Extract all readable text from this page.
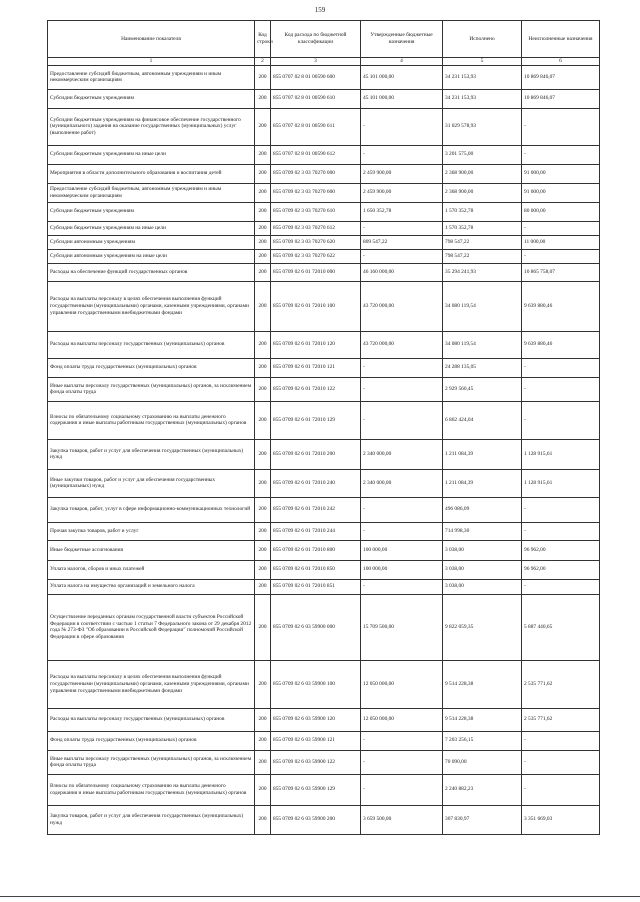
159
Наименование показателя	Код строки	Код расхода по бюджетной классификации	Утвержденные бюджетные назначения	Исполнено	Неисполненные назначения
1	2	3	4	5	6
Предоставление субсидий бюджетным, автономным учреждениям и иным некоммерческим организациям	200	855 0707 02 8 01 00590 600	45 101 000,00	34 231 153,93	10 869 846,07
Субсидии бюджетным учреждениям	200	855 0707 02 8 01 00590 610	45 101 000,00	34 231 153,93	10 869 846,07
Субсидии бюджетным учреждениям на финансовое обеспечение государственного (муниципального) задания на оказание государственных (муниципальных) услуг (выполнение работ)	200	855 0707 02 8 01 00590 611	-	31 029 578,93	-
Субсидии бюджетным учреждениям на иные цели	200	855 0707 02 8 01 00590 612	-	3 201 575,00	-
Мероприятия в области дополнительного образования и воспитания детей	200	855 0709 02 3 03 70270 000	2 459 900,00	2 368 900,00	91 000,00
Предоставление субсидий бюджетным, автономным учреждениям и иным некоммерческим организациям	200	855 0709 02 3 03 70270 600	2 459 900,00	2 368 900,00	91 000,00
Субсидии бюджетным учреждениям	200	855 0709 02 3 03 70270 610	1 650 352,78	1 570 352,78	80 000,00
Субсидии бюджетным учреждениям на иные цели	200	855 0709 02 3 03 70270 612	-	1 570 352,78	-
Субсидии автономным учреждениям	200	855 0709 02 3 03 70270 620	809 547,22	798 547,22	11 000,00
Субсидии автономным учреждениям на иные цели	200	855 0709 02 3 03 70270 622	-	798 547,22	-
Расходы на обеспечение функций государственных органов	200	855 0709 02 6 01 72010 000	46 160 000,00	35 294 241,93	10 865 758,07
Расходы на выплаты персоналу в целях обеспечения выполнения функций государственными (муниципальными) органами, казенными учреждениями, органами управления государственными внебюджетными фондами	200	855 0709 02 6 01 72010 100	43 720 000,00	34 080 119,54	9 639 880,46
Расходы на выплаты персоналу государственных (муниципальных) органов	200	855 0709 02 6 01 72010 120	43 720 000,00	34 080 119,54	9 639 880,46
Фонд оплаты труда государственных (муниципальных) органов	200	855 0709 02 6 01 72010 121	-	24 288 135,05	-
Иные выплаты персоналу государственных (муниципальных) органов, за исключением фонда оплаты труда	200	855 0709 02 6 01 72010 122	-	2 929 560,45	-
Взносы по обязательному социальному страхованию на выплаты денежного содержания и иные выплаты работникам государственных (муниципальных) органов	200	855 0709 02 6 01 72010 129	-	6 862 424,04	-
Закупка товаров, работ и услуг для обеспечения государственных (муниципальных) нужд	200	855 0709 02 6 01 72010 200	2 340 000,00	1 211 084,39	1 128 915,61
Иные закупки товаров, работ и услуг для обеспечения государственных (муниципальных) нужд	200	855 0709 02 6 01 72010 240	2 340 000,00	1 211 084,39	1 128 915,61
Закупка товаров, работ, услуг в сфере информационно-коммуникационных технологий	200	855 0709 02 6 01 72010 242	-	496 086,09	-
Прочая закупка товаров, работ и услуг	200	855 0709 02 6 01 72010 244	-	714 998,30	-
Иные бюджетные ассигнования	200	855 0709 02 6 01 72010 800	100 000,00	3 038,00	96 962,00
Уплата налогов, сборов и иных платежей	200	855 0709 02 6 01 72010 850	100 000,00	3 038,00	96 962,00
Уплата налога на имущество организаций и земельного налога	200	855 0709 02 6 01 72010 851	-	3 038,00	-
Осуществление переданных органам государственной власти субъектов Российской Федерации в соответствии с частью 1 статьи 7 Федерального закона от 29 декабря 2012 года № 273-ФЗ "Об образовании в Российской Федерации" полномочий Российской Федерации в сфере образования	200	855 0709 02 6 03 59900 000	15 709 500,00	9 822 059,35	5 887 440,65
Расходы на выплаты персоналу в целях обеспечения выполнения функций государственными (муниципальными) органами, казенными учреждениями, органами управления государственными внебюджетными фондами	200	855 0709 02 6 03 59900 100	12 050 000,00	9 514 228,38	2 535 771,62
Расходы на выплаты персоналу государственных (муниципальных) органов	200	855 0709 02 6 03 59900 120	12 050 000,00	9 514 228,38	2 535 771,62
Фонд оплаты труда государственных (муниципальных) органов	200	855 0709 02 6 03 59900 121	-	7 203 256,15	-
Иные выплаты персоналу государственных (муниципальных) органов, за исключением фонда оплаты труда	200	855 0709 02 6 03 59900 122	-	70 090,00	-
Взносы по обязательному социальному страхованию на выплаты денежного содержания и иные выплаты работникам государственных (муниципальных) органов	200	855 0709 02 6 03 59900 129	-	2 240 882,23	-
Закупка товаров, работ и услуг для обеспечения государственных (муниципальных) нужд	200	855 0709 02 6 03 59900 200	3 659 500,00	307 830,97	3 351 669,03
